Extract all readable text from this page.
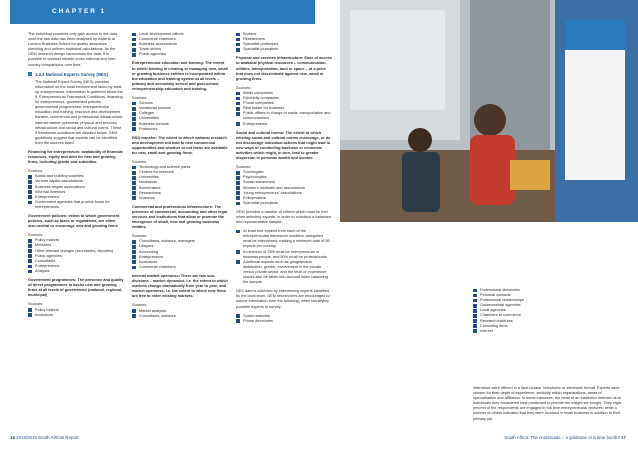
CHAPTER 1

The individual countries only gain access to the data once the raw data has been analysed by experts at London Business School for quality assurance, checking and uniform statistical calculations. As the GEM research design harmonises the data, it is possible to conduct reliable cross-national and inter-country comparisons over time.

1.3.2 National Experts Survey (NES)

The National Expert Survey (NES) provides information on the local environment faced by start-up entrepreneurs. Information is gathered about the 9. Entrepreneurial Framework Conditions, financing for entrepreneurs, government policies, governmental programmes, entrepreneurial education and training, research and development transfer, commercial and professional infrastructure, internal market openness, physical and services infrastructure and social and cultural norms. These 9 framework conditions are detailed below. GEM guidelines suggest that experts can be identified from the sources listed.

Financing for entrepreneurs: availability of financial resources, equity and debt for new and growing firms, including grants and subsidies.

Sources:

Banks and building societies
Venture capital associations
Business angels associations
Informal investors
Entrepreneurs
Government agencies that provide funds for entrepreneurs

Government policies: extent to which government policies, such as taxes or regulations, are either size-neutral or encourage new and growing firms

Sources:

Policy makers
Ministries
Other relevant charges (secretaries, deputies)
Public agencies
Consultants
Entrepreneurs
Analysts

Government programmes: The presence and quality of direct programmes to assist new and growing firms at all levels of government (national, regional, municipal)

Sources:

Policy makers
Incubators
Local development offices
Commerce chambers
Business associations
Trade unions
Public agencies

Entrepreneurial education and training: The extent to which training in creating or managing new, small or growing business entities is incorporated within the education and training system at all levels – primary and secondary school and post-school entrepreneurship education and training.

Sources:

Schools
Vocational schools
Colleges
Universities
Business schools
Professors

R&D transfer: The extent to which national research and development will lead to new commercial opportunities and whether or not these are available for new, small and growing firms.

Sources:

Technology and science parks
Centres for research
Universities
Incubators
Accelerators
Researchers
Inventors

Commercial and professional infrastructure: The presence of commercial, accounting and other legal services and institutions that allow or promote the emergence of small, new and growing business entities.

Sources:

Consultants, advisors, managers
Lawyers
Accounting
Entrepreneurs
Incubators
Commerce chambers

Internal market openness: There are two sub-divisions – market dynamics, i.e. the extent to which markets change dramatically from year to year; and market openness, i.e. the extent to which new firms are free to enter existing markets.

Sources:

Market analysts
Consultants, advisors
Brokers
Researchers
Specialist professors
Specialist journalists

Physical and services infrastructure: Ease of access to available physical resources – communication, utilities, transportation, land or space – at a price that does not discriminate against new, small or growing firms.

Sources:

Water companies
Electricity companies
Phone companies
Real estate for business
Public offices in charge of roads, transportation and communication
Entrepreneurs

Social and cultural norms: The extent to which existing social and cultural norms encourage, or do not discourage individual actions that might lead to new ways of conducting business or economic activities which might, in turn, lead to greater dispersion in personal wealth and income.

Sources:

Sociologists
Psychologists
Social researchers
Women's institutes and associations
Young entrepreneurs' associations
Policymakers
Specialist journalists

GEM provides a number of criteria which must be met when selecting experts, in order to construct a balanced and representative sample.

At least four experts from each of the entrepreneurial framework condition categories must be interviewed, making a minimum total of 36 experts per country.
A minimum of 25% must be entrepreneurs or business people, and 50% must be professionals.
Additional aspects such as geographical distribution, gender, involvement in the private versus private sector, and the level of experience should also be taken into account when balancing the sample.

NES data is collected by interviewing experts identified by the local team. GEM researchers are encouraged to source information from the following, when identifying possible experts to survey:

Social networks
Phone directories
Professional directories
Personal contacts
Professional relationships
Governmental agencies
Local agencies
Chambers of commerce
Research institutes
Consulting firms
Internet
Interviews were offered in a face-to-face, telephonic or electronic format. Experts were chosen for their depth of experience, seniority within organisations, areas of specialisation and affiliation. In some instances, the head of an institution referred us to individuals they considered best positioned to provide the insight we sought. They eight percent of the respondents are engaged in full-time entrepreneurial ventures, while a number of others indicated that they were involved in small business in addition to their primary job.
16 2015/2016 South African Report	South Africa: The crossroads – a goldmine or a time bomb? 17
